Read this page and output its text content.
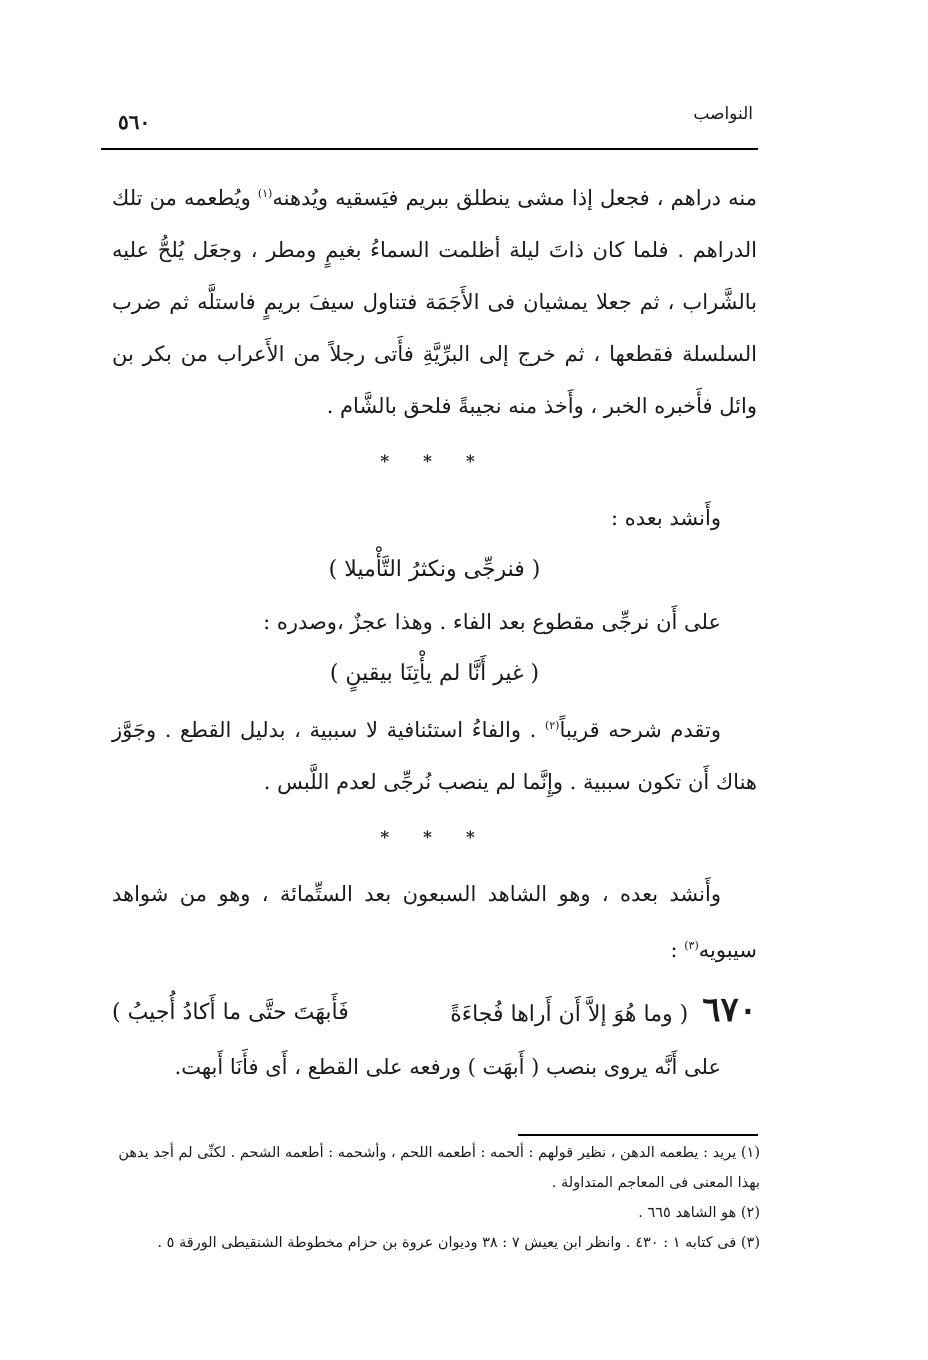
النواصب
٥٦٠

منه دراهم ، فجعل إذا مشى ينطلق ببريم فيَسقيه ويُدهنه$^{(١)}$ ويُطعمه من تلك الدراهم . فلما كان ذاتَ ليلة أظلمت السماءُ بغيمٍ ومطر ، وجعَل يُلحُّ عليه بالشَّراب ، ثم جعلا يمشيان فى الأَجَمَة فتناول سيفَ بريمٍ فاستلَّه ثم ضرب السلسلة فقطعها ، ثم خرج إلى البرِّيَّةِ فأَتى رجلاً من الأَعراب من بكر بن وائل فأَخبره الخبر ، وأَخذ منه نجيبةً فلحق بالشَّام .

* * *

وأَنشد بعده :

( فنرجِّى ونكثرُ التَّأْميلا )

على أَن نرجِّى مقطوع بعد الفاء . وهذا عجزٌ ،وصدره :

( غير أَنَّا لم يأْتِنَا بيقينٍ )

وتقدم شرحه قريباً$^{(٢)}$ . والفاءُ استئنافية لا سببية ، بدليل القطع . وجَوَّز هناك أَن تكون سببية . وإِنَّما لم ينصب نُرجِّى لعدم اللَّبس .

* * *

وأَنشد بعده ، وهو الشاهد السبعون بعد الستِّمائة ، وهو من شواهد سيبويه$^{(٣)}$ :

٦٧٠( وما هُوَ إلاَّ أَن أَراها فُجاءَةً
فَأَبهَتَ حتَّى ما أَكادُ أُجيبُ )

على أَنَّه يروى بنصب ( أَبهَت ) ورفعه على القطع ، أَى فأَنَا أَبهت.

(١) يريد : يطعمه الدهن ، نظير قولهم : ألحمه : أطعمه اللحم ، وأشحمه : أطعمه الشحم . لكنِّى لم أجد يدهن بهذا المعنى فى المعاجم المتداولة .

(٢) هو الشاهد ٦٦٥ .

(٣) فى كتابه ١ : ٤٣٠ . وانظر ابن يعيش ٧ : ٣٨ وديوان عروة بن حزام مخطوطة الشنقيطى الورقة ٥ .
